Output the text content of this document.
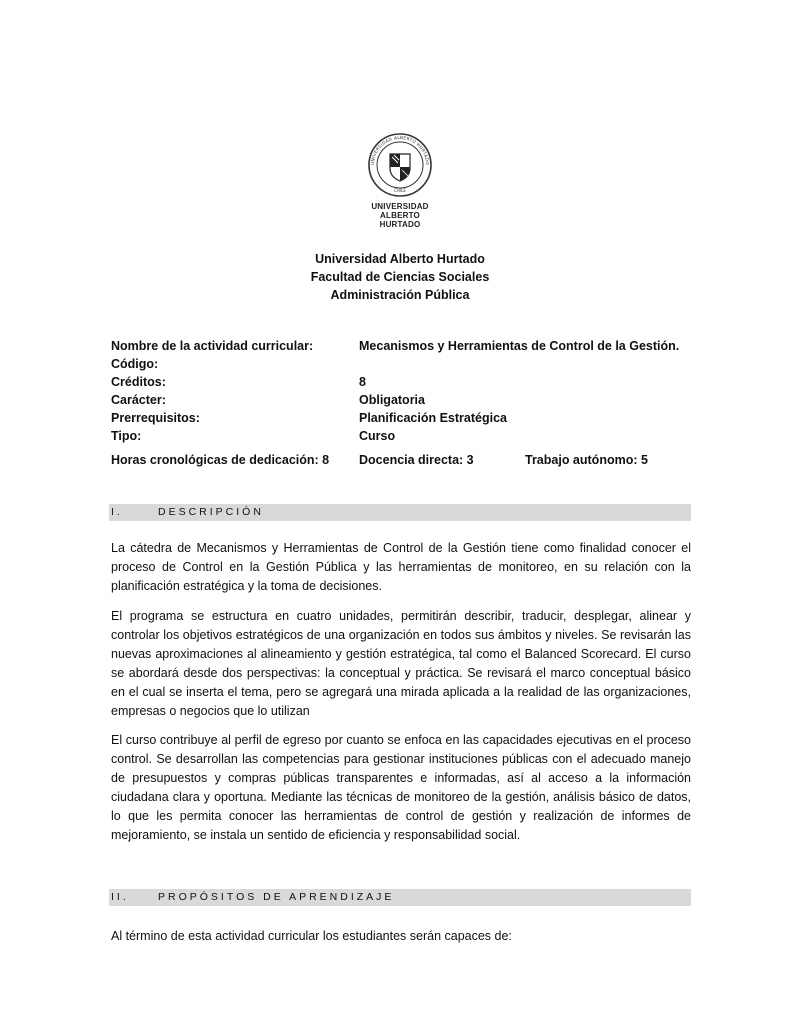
UNIVERSIDAD ALBERTO HURTADO
CHILE
UNIVERSIDAD
ALBERTO HURTADO
Universidad Alberto Hurtado
Facultad de Ciencias Sociales
Administración Pública
Nombre de la actividad curricular:	Mecanismos y Herramientas de Control de la Gestión.
Código:
Créditos:	8
Carácter:	Obligatoria
Prerrequisitos:	Planificación Estratégica
Tipo:	Curso
Horas cronológicas de dedicación: 8 Docencia directa: 3	Trabajo autónomo: 5
I.	DESCRIPCIÓN

La cátedra de Mecanismos y Herramientas de Control de la Gestión tiene como finalidad conocer el proceso de Control en la Gestión Pública y las herramientas de monitoreo, en su relación con la planificación estratégica y la toma de decisiones.

El programa se estructura en cuatro unidades, permitirán describir, traducir, desplegar, alinear y controlar los objetivos estratégicos de una organización en todos sus ámbitos y niveles. Se revisarán las nuevas aproximaciones al alineamiento y gestión estratégica, tal como el Balanced Scorecard. El curso se abordará desde dos perspectivas: la conceptual y práctica. Se revisará el marco conceptual básico en el cual se inserta el tema, pero se agregará una mirada aplicada a la realidad de las organizaciones, empresas o negocios que lo utilizan

El curso contribuye al perfil de egreso por cuanto se enfoca en las capacidades ejecutivas en el proceso control. Se desarrollan las competencias para gestionar instituciones públicas con el adecuado manejo de presupuestos y compras públicas transparentes e informadas, así al acceso a la información ciudadana clara y oportuna. Mediante las técnicas de monitoreo de la gestión, análisis básico de datos, lo que les permita conocer las herramientas de control de gestión y realización de informes de mejoramiento, se instala un sentido de eficiencia y responsabilidad social.

II.	PROPÓSITOS DE APRENDIZAJE

Al término de esta actividad curricular los estudiantes serán capaces de:
